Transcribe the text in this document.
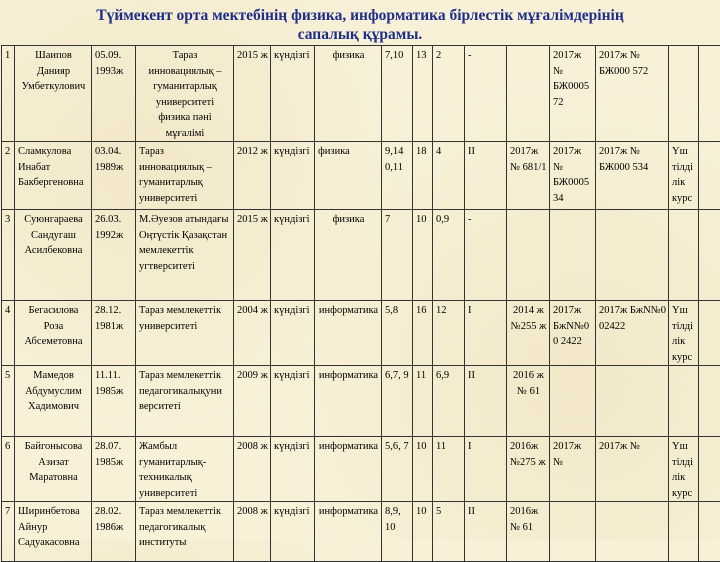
Түймекент орта мектебінің физика, информатика бірлестік мұғалімдерінің
сапалық құрамы.
1	Шаипов Данияр Умбеткулович	05.09. 1993ж	Тараз инновациялық – гуманитарлық университеті физика пәні мұғалімі	2015 ж	күндізгі	физика	7,10	13	2	-		2017ж № БЖ0005 72	2017ж № БЖ000 572		
2	Сламкулова Инабат Бакбергеновна	03.04. 1989ж	Тараз инновациялық – гуманитарлық университеті	2012 ж	күндізгі	физика	9,14 0,11	18	4	ІІ	2017ж № 681/1	2017ж № БЖ0005 34	2017ж № БЖ000 534	Үш тілділік курс	
3	Суюнгараева Сандугаш Асилбековна	26.03. 1992ж	М.Әуезов атындағы Оңтүстік Қазақстан мемлекеттік угтверситеті	2015 ж	күндізгі	физика	7	10	0,9	-					
4	Бегасилова Роза Абсеметовна	28.12. 1981ж	Тараз мемлекеттік университеті	2004 ж	күндізгі	информатика	5,8	16	12	І	2014 ж №255 ж	2017ж БжN№00 2422	2017ж БжN№0 02422	Үш тілділік курс	
5	Мамедов Абдумуслим Хадимович	11.11. 1985ж	Тараз мемлекеттік педагогикалықуни верситеті	2009 ж	күндізгі	информатика	6,7, 9	11	6,9	ІІ	2016 ж № 61				
6	Байгонысова Азизат Маратовна	28.07. 1985ж	Жамбыл гуманитарлық-техникалық университеті	2008 ж	күндізгі	информатика	5,6, 7	10	11	І	2016ж №275 ж	2017ж №	2017ж №	Үш тілділік курс	
7	Ширинбетова Айнур Садуакасовна	28.02. 1986ж	Тараз мемлекеттік педагогикалық институты	2008 ж	күндізгі	информатика	8,9, 10	10	5	ІІ	2016ж № 61				
